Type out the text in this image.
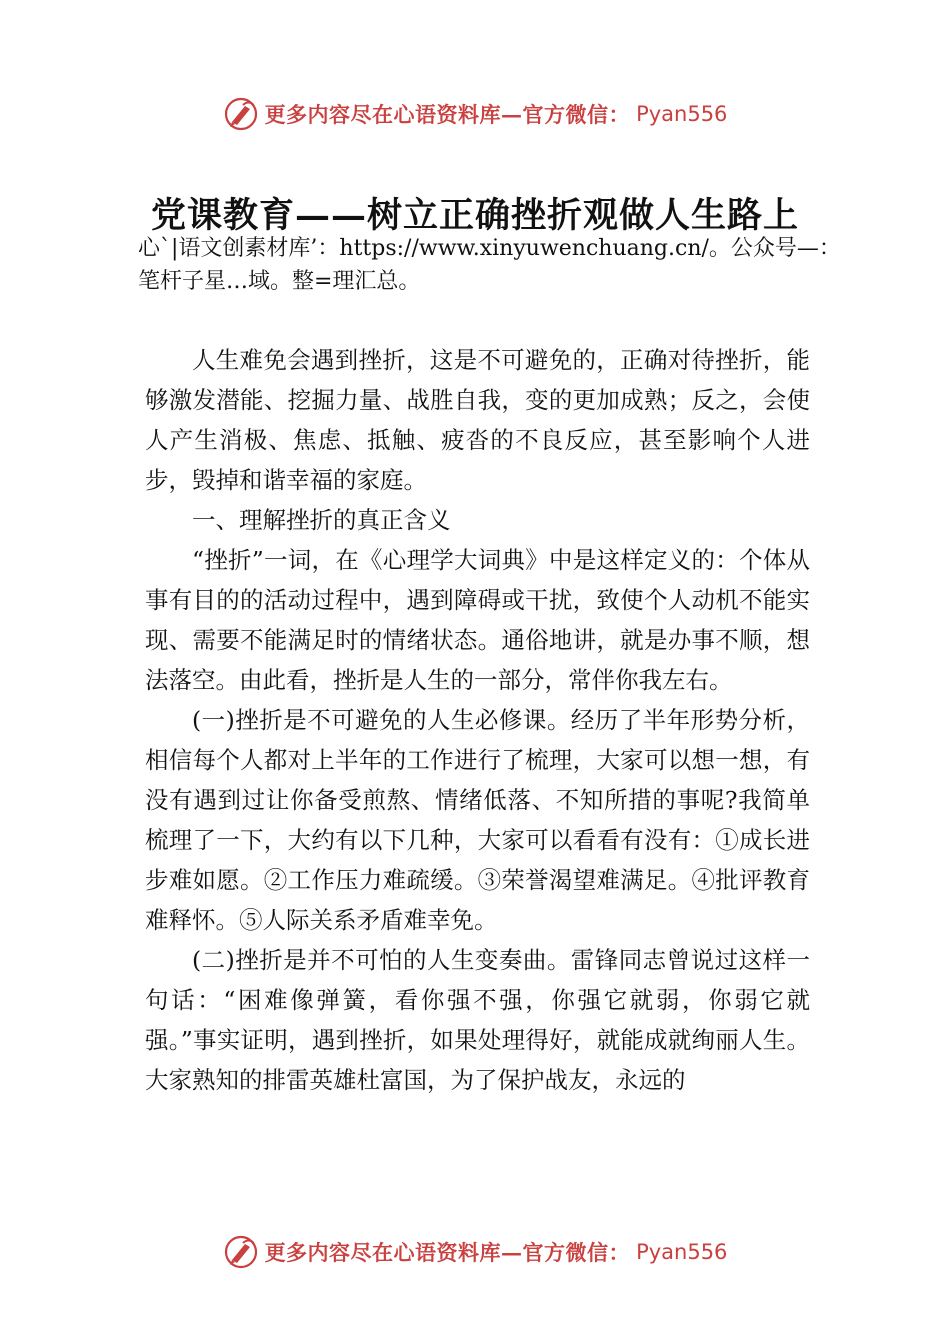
更多内容尽在心语资料库—官方微信： Pyan556
党课教育——树立正确挫折观做人生路上

心`|语文创素材库’：https://www.xinyuwenchuang.cn/。公众号—：笔杆子星…域。整=理汇总。

人生难免会遇到挫折，这是不可避免的，正确对待挫折，能够激发潜能、挖掘力量、战胜自我，变的更加成熟；反之，会使人产生消极、焦虑、抵触、疲沓的不良反应，甚至影响个人进步，毁掉和谐幸福的家庭。

一、理解挫折的真正含义

“挫折”一词，在《心理学大词典》中是这样定义的：个体从事有目的的活动过程中，遇到障碍或干扰，致使个人动机不能实现、需要不能满足时的情绪状态。通俗地讲，就是办事不顺，想法落空。由此看，挫折是人生的一部分，常伴你我左右。

(一)挫折是不可避免的人生必修课。经历了半年形势分析，相信每个人都对上半年的工作进行了梳理，大家可以想一想，有没有遇到过让你备受煎熬、情绪低落、不知所措的事呢?我简单梳理了一下，大约有以下几种，大家可以看看有没有：①成长进步难如愿。②工作压力难疏缓。③荣誉渴望难满足。④批评教育难释怀。⑤人际关系矛盾难幸免。

(二)挫折是并不可怕的人生变奏曲。雷锋同志曾说过这样一句话：“困难像弹簧，看你强不强，你强它就弱，你弱它就强。”事实证明，遇到挫折，如果处理得好，就能成就绚丽人生。大家熟知的排雷英雄杜富国，为了保护战友，永远的

更多内容尽在心语资料库—官方微信： Pyan556
